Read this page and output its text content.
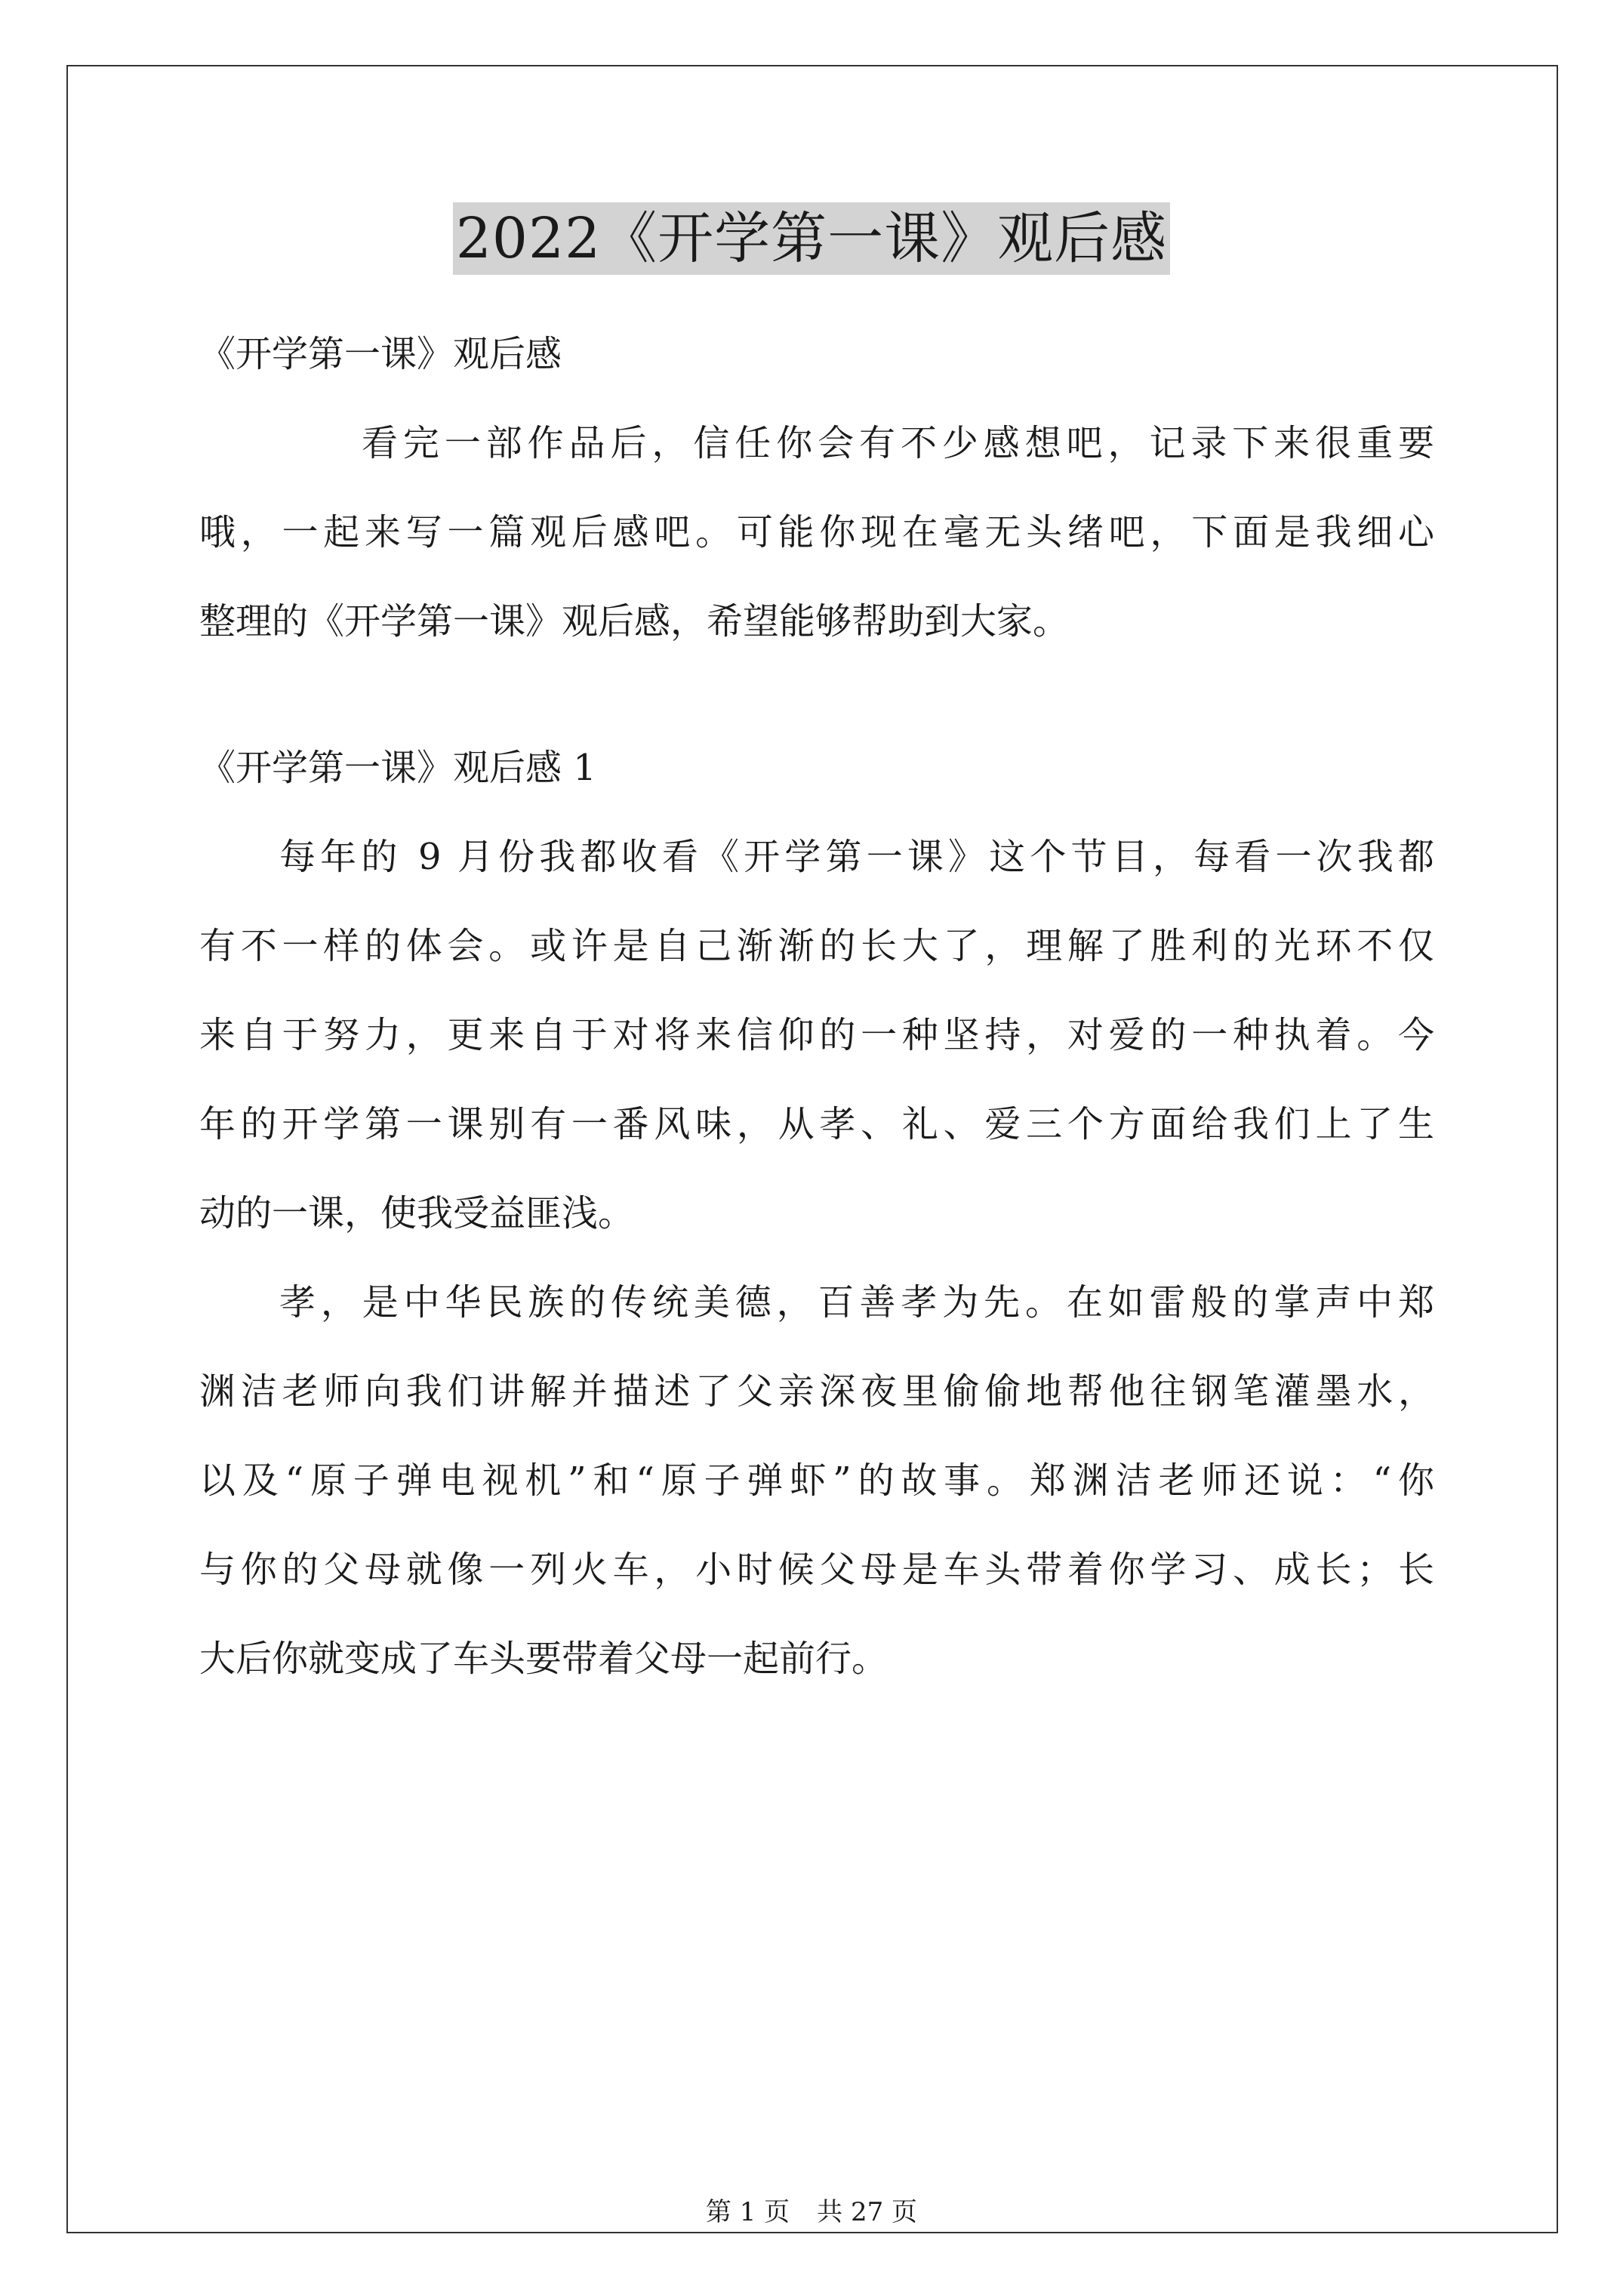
2022《开学第一课》观后感
《开学第一课》观后感
看完一部作品后，信任你会有不少感想吧，记录下来很重要
哦，一起来写一篇观后感吧。可能你现在毫无头绪吧，下面是我细心
整理的《开学第一课》观后感，希望能够帮助到大家。
《开学第一课》观后感 1
每年的 9 月份我都收看《开学第一课》这个节目，每看一次我都
有不一样的体会。或许是自己渐渐的长大了，理解了胜利的光环不仅
来自于努力，更来自于对将来信仰的一种坚持，对爱的一种执着。今
年的开学第一课别有一番风味，从孝、礼、爱三个方面给我们上了生
动的一课，使我受益匪浅。
孝，是中华民族的传统美德，百善孝为先。在如雷般的掌声中郑
渊洁老师向我们讲解并描述了父亲深夜里偷偷地帮他往钢笔灌墨水，
以及“原子弹电视机”和“原子弹虾”的故事。郑渊洁老师还说：“你
与你的父母就像一列火车，小时候父母是车头带着你学习、成长；长
大后你就变成了车头要带着父母一起前行。
第 1 页 共 27 页
